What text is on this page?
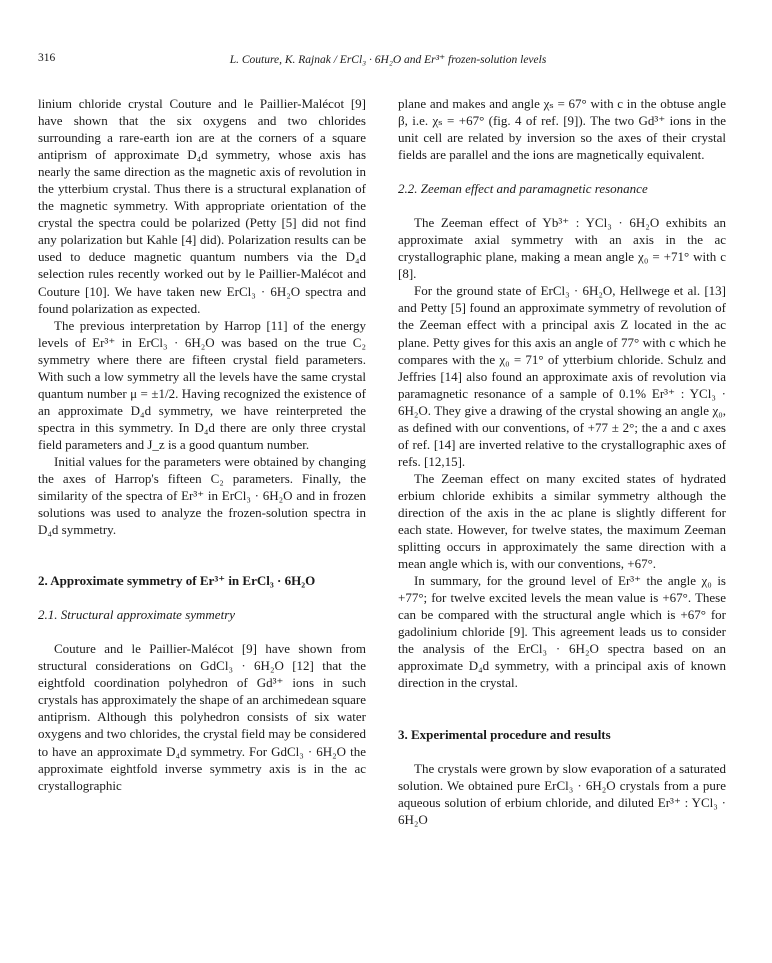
316	L. Couture, K. Rajnak / ErCl₃ · 6H₂O and Er³⁺ frozen-solution levels

linium chloride crystal Couture and le Paillier-Malécot [9] have shown that the six oxygens and two chlorides surrounding a rare-earth ion are at the corners of a square antiprism of approximate D₄d symmetry, whose axis has nearly the same direction as the magnetic axis of revolution in the ytterbium crystal. Thus there is a structural explanation of the magnetic symmetry. With appropriate orientation of the crystal the spectra could be polarized (Petty [5] did not find any polarization but Kahle [4] did). Polarization results can be used to deduce magnetic quantum numbers via the D₄d selection rules recently worked out by le Paillier-Malécot and Couture [10]. We have taken new ErCl₃ · 6H₂O spectra and found polarization as expected.

The previous interpretation by Harrop [11] of the energy levels of Er³⁺ in ErCl₃ · 6H₂O was based on the true C₂ symmetry where there are fifteen crystal field parameters. With such a low symmetry all the levels have the same crystal quantum number μ = ±1/2. Having recognized the existence of an approximate D₄d symmetry, we have reinterpreted the spectra in this symmetry. In D₄d there are only three crystal field parameters and J_z is a good quantum number.

Initial values for the parameters were obtained by changing the axes of Harrop's fifteen C₂ parameters. Finally, the similarity of the spectra of Er³⁺ in ErCl₃ · 6H₂O and in frozen solutions was used to analyze the frozen-solution spectra in D₄d symmetry.

2. Approximate symmetry of Er³⁺ in ErCl₃ · 6H₂O
2.1. Structural approximate symmetry

Couture and le Paillier-Malécot [9] have shown from structural considerations on GdCl₃ · 6H₂O [12] that the eightfold coordination polyhedron of Gd³⁺ ions in such crystals has approximately the shape of an archimedean square antiprism. Although this polyhedron consists of six water oxygens and two chlorides, the crystal field may be considered to have an approximate D₄d symmetry. For GdCl₃ · 6H₂O the approximate eightfold inverse symmetry axis is in the ac crystallographic

plane and makes and angle χₛ = 67° with c in the obtuse angle β, i.e. χₛ = +67° (fig. 4 of ref. [9]). The two Gd³⁺ ions in the unit cell are related by inversion so the axes of their crystal fields are parallel and the ions are magnetically equivalent.

2.2. Zeeman effect and paramagnetic resonance

The Zeeman effect of Yb³⁺ : YCl₃ · 6H₂O exhibits an approximate axial symmetry with an axis in the ac crystallographic plane, making a mean angle χ₀ = +71° with c [8].

For the ground state of ErCl₃ · 6H₂O, Hellwege et al. [13] and Petty [5] found an approximate symmetry of revolution of the Zeeman effect with a principal axis Z located in the ac plane. Petty gives for this axis an angle of 77° with c which he compares with the χ₀ = 71° of ytterbium chloride. Schulz and Jeffries [14] also found an approximate axis of revolution via paramagnetic resonance of a sample of 0.1% Er³⁺ : YCl₃ · 6H₂O. They give a drawing of the crystal showing an angle χ₀, as defined with our conventions, of +77 ± 2°; the a and c axes of ref. [14] are inverted relative to the crystallographic axes of refs. [12,15].

The Zeeman effect on many excited states of hydrated erbium chloride exhibits a similar symmetry although the direction of the axis in the ac plane is slightly different for each state. However, for twelve states, the maximum Zeeman splitting occurs in approximately the same direction with a mean angle which is, with our conventions, +67°.

In summary, for the ground level of Er³⁺ the angle χ₀ is +77°; for twelve excited levels the mean value is +67°. These can be compared with the structural angle which is +67° for gadolinium chloride [9]. This agreement leads us to consider the analysis of the ErCl₃ · 6H₂O spectra based on an approximate D₄d symmetry, with a principal axis of known direction in the crystal.

3. Experimental procedure and results

The crystals were grown by slow evaporation of a saturated solution. We obtained pure ErCl₃ · 6H₂O crystals from a pure aqueous solution of erbium chloride, and diluted Er³⁺ : YCl₃ · 6H₂O
